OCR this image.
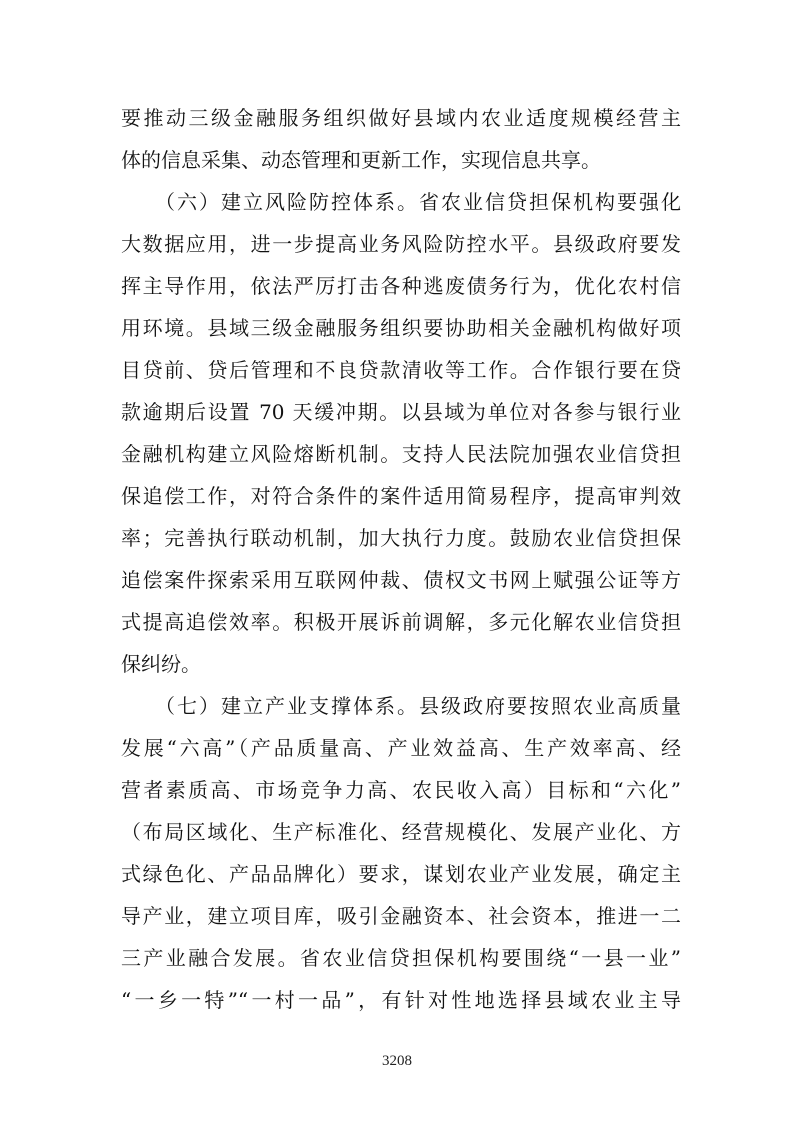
要推动三级金融服务组织做好县域内农业适度规模经营主
体的信息采集、动态管理和更新工作，实现信息共享。
　　（六）建立风险防控体系。省农业信贷担保机构要强化
大数据应用，进一步提高业务风险防控水平。县级政府要发
挥主导作用，依法严厉打击各种逃废债务行为，优化农村信
用环境。县域三级金融服务组织要协助相关金融机构做好项
目贷前、贷后管理和不良贷款清收等工作。合作银行要在贷
款逾期后设置 70 天缓冲期。以县域为单位对各参与银行业
金融机构建立风险熔断机制。支持人民法院加强农业信贷担
保追偿工作，对符合条件的案件适用简易程序，提高审判效
率；完善执行联动机制，加大执行力度。鼓励农业信贷担保
追偿案件探索采用互联网仲裁、债权文书网上赋强公证等方
式提高追偿效率。积极开展诉前调解，多元化解农业信贷担
保纠纷。
　　（七）建立产业支撑体系。县级政府要按照农业高质量
发展“六高”（产品质量高、产业效益高、生产效率高、经
营者素质高、市场竞争力高、农民收入高）目标和“六化”
（布局区域化、生产标准化、经营规模化、发展产业化、方
式绿色化、产品品牌化）要求，谋划农业产业发展，确定主
导产业，建立项目库，吸引金融资本、社会资本，推进一二
三产业融合发展。省农业信贷担保机构要围绕“一县一业”
“一乡一特”“一村一品”，有针对性地选择县域农业主导
3208
